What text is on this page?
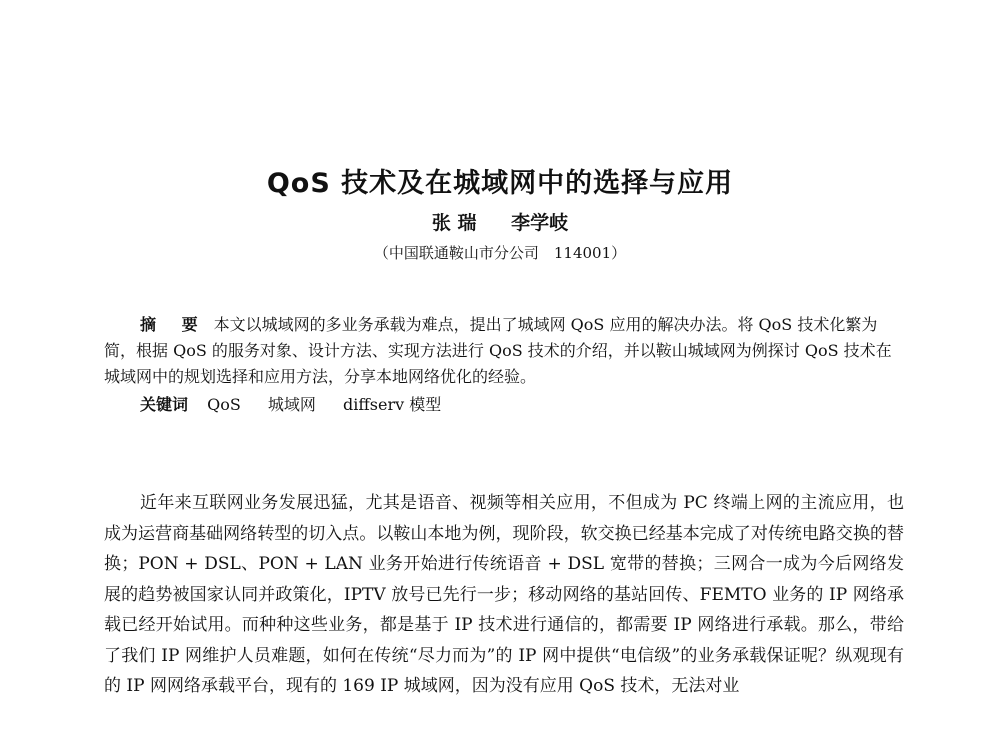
QoS 技术及在城域网中的选择与应用
张 瑞 李学岐
（中国联通鞍山市分公司　114001）

摘 要 本文以城域网的多业务承载为难点，提出了城域网 QoS 应用的解决办法。将 QoS 技术化繁为简，根据 QoS 的服务对象、设计方法、实现方法进行 QoS 技术的介绍，并以鞍山城域网为例探讨 QoS 技术在城域网中的规划选择和应用方法，分享本地网络优化的经验。

关键词 QoS 城域网 diffserv 模型

近年来互联网业务发展迅猛，尤其是语音、视频等相关应用，不但成为 PC 终端上网的主流应用，也成为运营商基础网络转型的切入点。以鞍山本地为例，现阶段，软交换已经基本完成了对传统电路交换的替换；PON + DSL、PON + LAN 业务开始进行传统语音 + DSL 宽带的替换；三网合一成为今后网络发展的趋势被国家认同并政策化，IPTV 放号已先行一步；移动网络的基站回传、FEMTO 业务的 IP 网络承载已经开始试用。而种种这些业务，都是基于 IP 技术进行通信的，都需要 IP 网络进行承载。那么，带给了我们 IP 网维护人员难题，如何在传统“尽力而为”的 IP 网中提供“电信级”的业务承载保证呢？纵观现有的 IP 网网络承载平台，现有的 169 IP 城域网，因为没有应用 QoS 技术，无法对业
